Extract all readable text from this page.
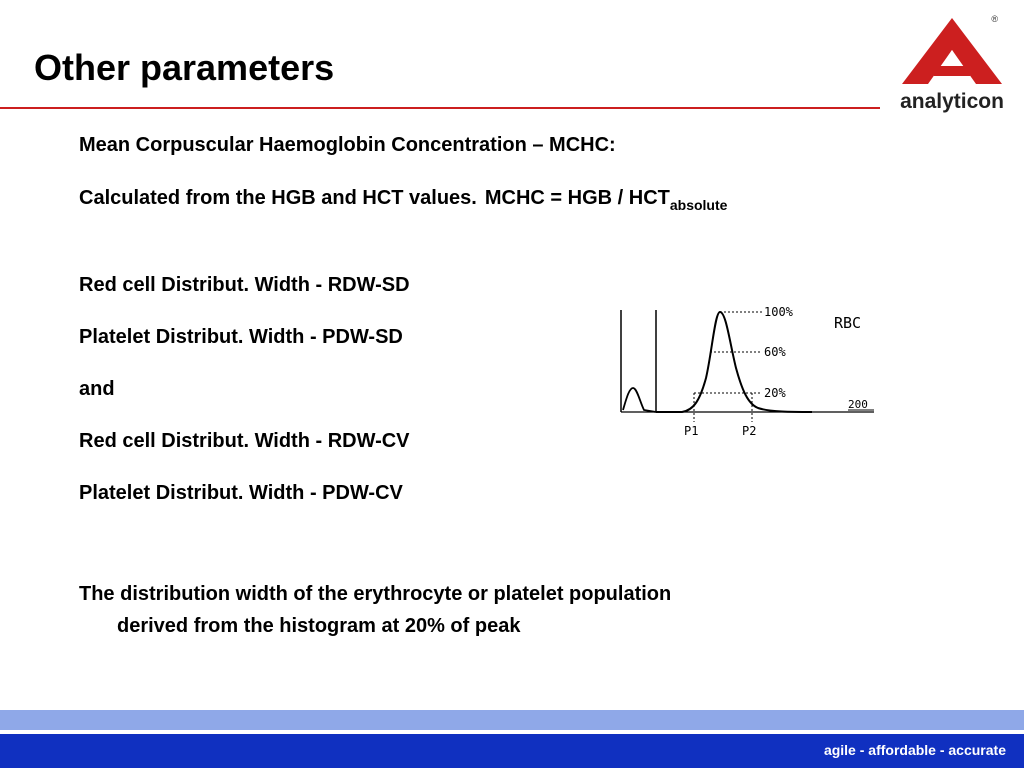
Other parameters
®
analyticon
Mean Corpuscular Haemoglobin Concentration – MCHC:
Calculated from the HGB and HCT values. MCHC = HGB / $HCT_{absolute}$
Red cell Distribut. Width - RDW-SD
Platelet Distribut. Width - PDW-SD
and
Red cell Distribut. Width - RDW-CV
Platelet Distribut. Width - PDW-CV
The distribution width of the erythrocyte or platelet population
derived from the histogram at 20% of peak
100%
60%
20%
RBC
200
P1	P2
agile - affordable - accurate
